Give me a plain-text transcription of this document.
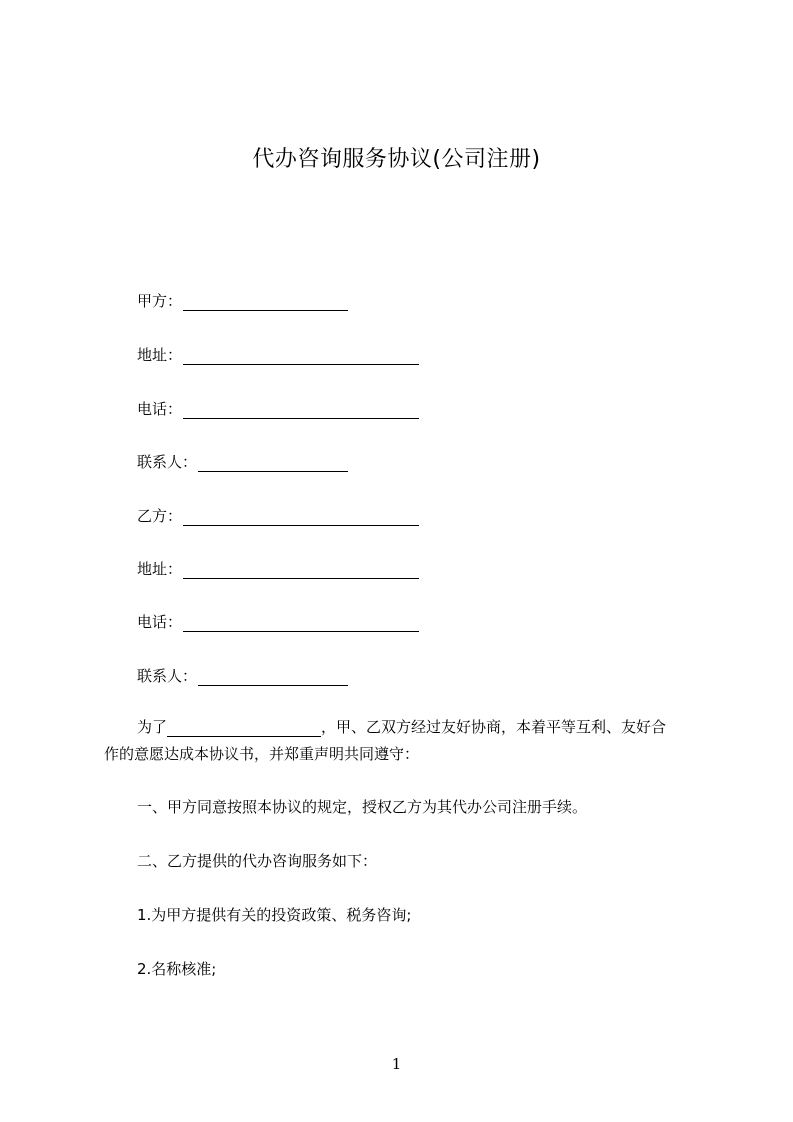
代办咨询服务协议(公司注册)
甲方：
地址：
电话：
联系人：
乙方：
地址：
电话：
联系人：
为了	，甲、乙双方经过友好协商，本着平等互利、友好合
作的意愿达成本协议书，并郑重声明共同遵守：
一、甲方同意按照本协议的规定，授权乙方为其代办公司注册手续。
二、乙方提供的代办咨询服务如下：
1.为甲方提供有关的投资政策、税务咨询;
2.名称核准;
1
